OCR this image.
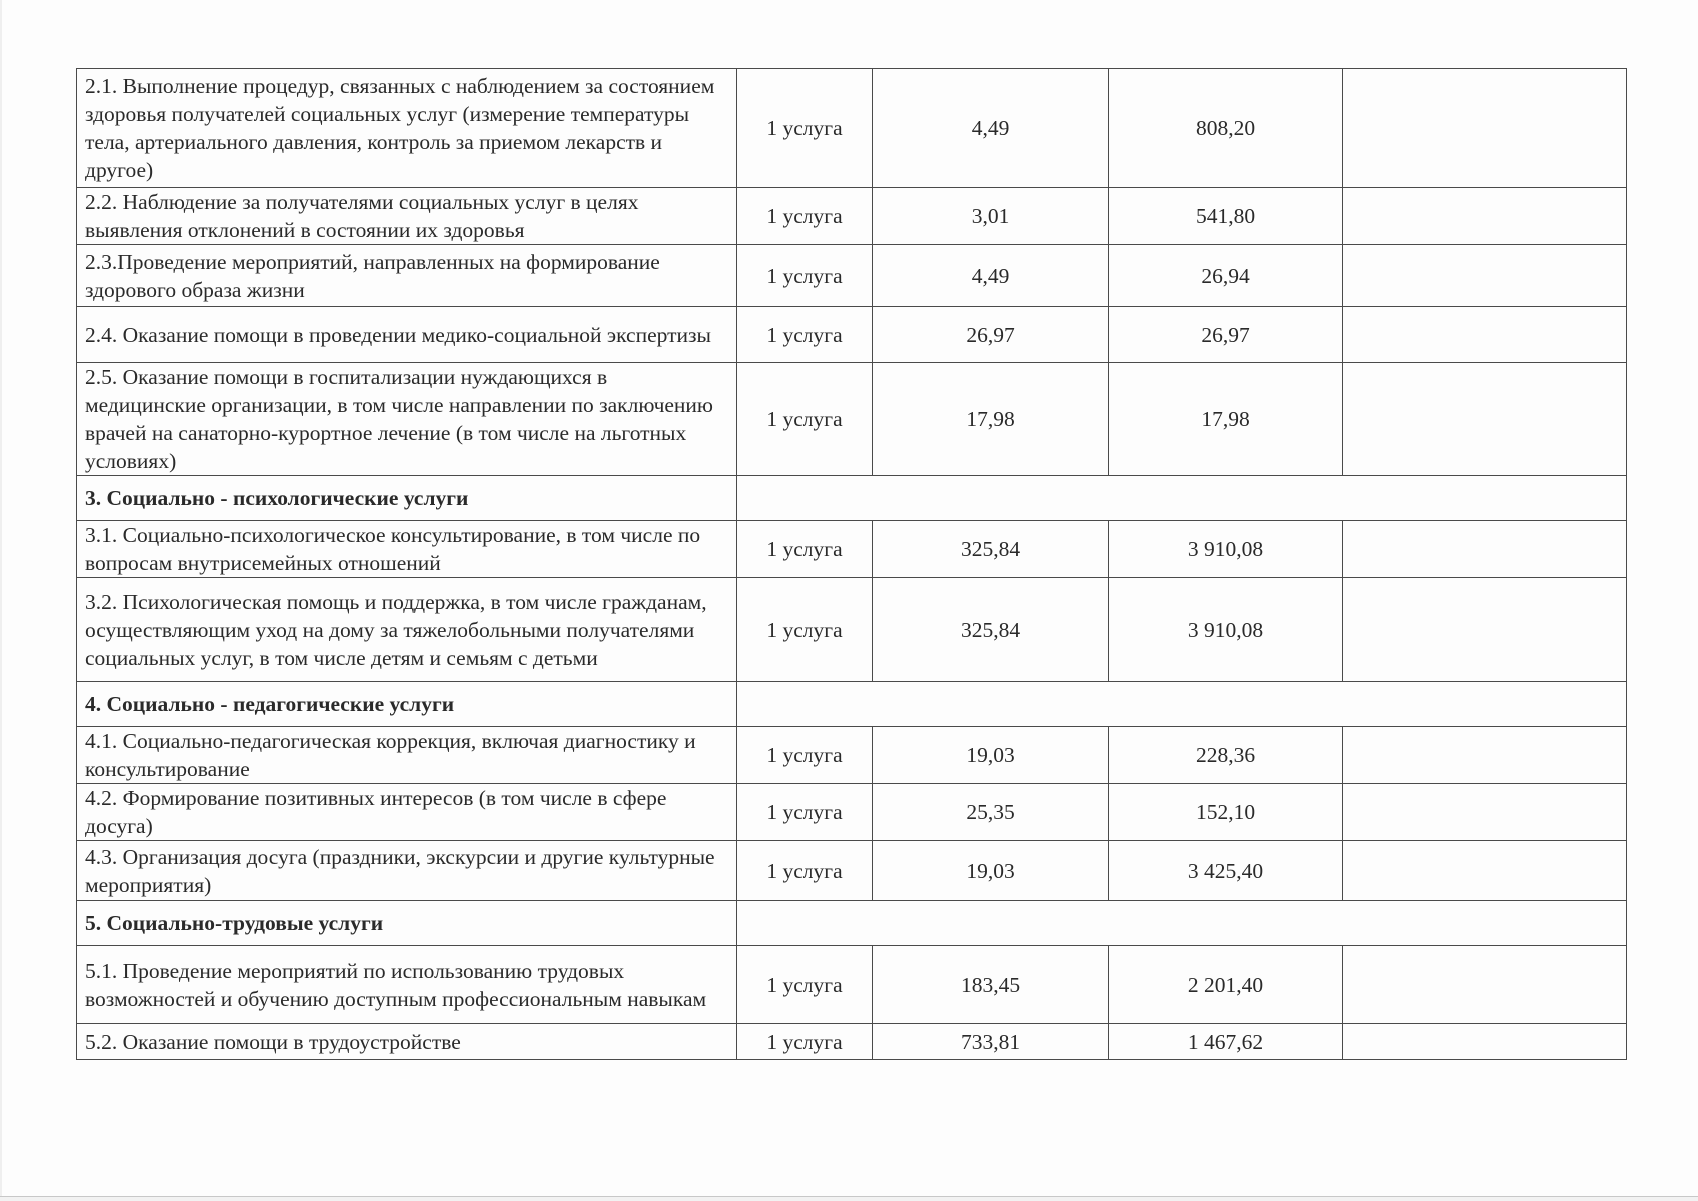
2.1. Выполнение процедур, связанных с наблюдением за состоянием здоровья получателей социальных услуг (измерение температуры тела, артериального давления, контроль за приемом лекарств и другое)	1 услуга	4,49	808,20	
2.2. Наблюдение за получателями социальных услуг в целях выявления отклонений в состоянии их здоровья	1 услуга	3,01	541,80	
2.3.Проведение мероприятий, направленных на формирование здорового образа жизни	1 услуга	4,49	26,94	
2.4. Оказание помощи в проведении медико-социальной экспертизы	1 услуга	26,97	26,97	
2.5. Оказание помощи в госпитализации нуждающихся в медицинские организации, в том числе направлении по заключению врачей на санаторно-курортное лечение (в том числе на льготных условиях)	1 услуга	17,98	17,98	
3. Социально - психологические услуги				
3.1. Социально-психологическое консультирование, в том числе по вопросам внутрисемейных отношений	1 услуга	325,84	3 910,08	
3.2. Психологическая помощь и поддержка, в том числе гражданам, осуществляющим уход на дому за тяжелобольными получателями социальных услуг, в том числе детям и семьям с детьми	1 услуга	325,84	3 910,08	
4. Социально - педагогические услуги				
4.1. Социально-педагогическая коррекция, включая диагностику и консультирование	1 услуга	19,03	228,36	
4.2. Формирование позитивных интересов (в том числе в сфере досуга)	1 услуга	25,35	152,10	
4.3. Организация досуга (праздники, экскурсии и другие культурные мероприятия)	1 услуга	19,03	3 425,40	
5. Социально-трудовые услуги				
5.1. Проведение мероприятий по использованию трудовых возможностей и обучению доступным профессиональным навыкам	1 услуга	183,45	2 201,40	
5.2. Оказание помощи в трудоустройстве	1 услуга	733,81	1 467,62	
